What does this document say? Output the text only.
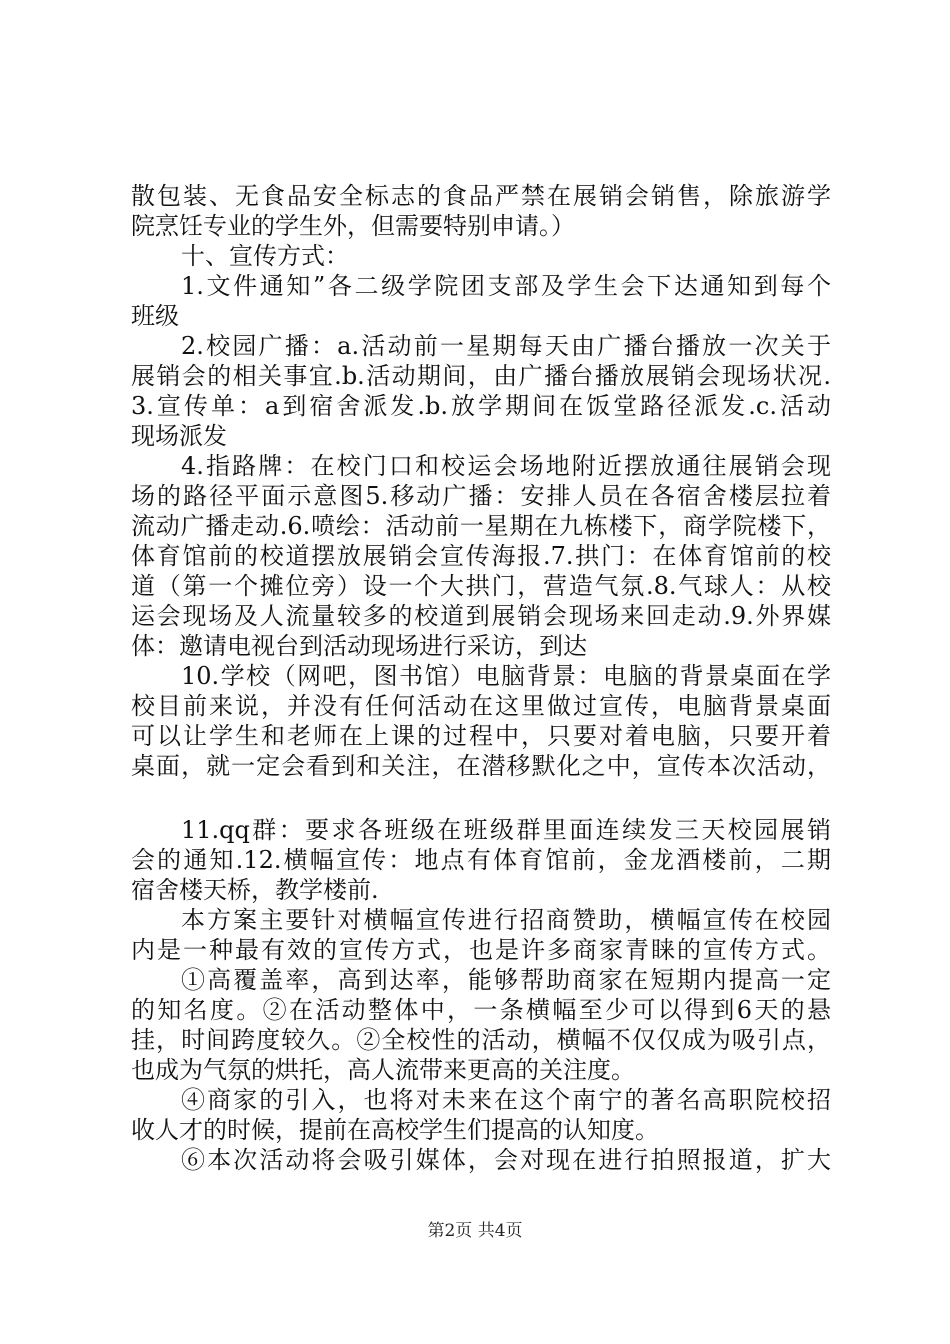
散包装、无食品安全标志的食品严禁在展销会销售，除旅游学
院烹饪专业的学生外，但需要特别申请。）
十、宣传方式：
1.文件通知”各二级学院团支部及学生会下达通知到每个
班级
2.校园广播：a.活动前一星期每天由广播台播放一次关于
展销会的相关事宜.b.活动期间，由广播台播放展销会现场状况.
3.宣传单：a到宿舍派发.b.放学期间在饭堂路径派发.c.活动
现场派发
4.指路牌：在校门口和校运会场地附近摆放通往展销会现
场的路径平面示意图5.移动广播：安排人员在各宿舍楼层拉着
流动广播走动.6.喷绘：活动前一星期在九栋楼下，商学院楼下，
体育馆前的校道摆放展销会宣传海报.7.拱门：在体育馆前的校
道（第一个摊位旁）设一个大拱门，营造气氛.8.气球人：从校
运会现场及人流量较多的校道到展销会现场来回走动.9.外界媒
体：邀请电视台到活动现场进行采访，到达
10.学校（网吧，图书馆）电脑背景：电脑的背景桌面在学
校目前来说，并没有任何活动在这里做过宣传，电脑背景桌面
可以让学生和老师在上课的过程中，只要对着电脑，只要开着
桌面，就一定会看到和关注，在潜移默化之中，宣传本次活动，
11.qq群：要求各班级在班级群里面连续发三天校园展销
会的通知.12.横幅宣传：地点有体育馆前，金龙酒楼前，二期
宿舍楼天桥，教学楼前.
本方案主要针对横幅宣传进行招商赞助，横幅宣传在校园
内是一种最有效的宣传方式，也是许多商家青睐的宣传方式。
①高覆盖率，高到达率，能够帮助商家在短期内提高一定
的知名度。②在活动整体中，一条横幅至少可以得到6天的悬
挂，时间跨度较久。②全校性的活动，横幅不仅仅成为吸引点，
也成为气氛的烘托，高人流带来更高的关注度。
④商家的引入，也将对未来在这个南宁的著名高职院校招
收人才的时候，提前在高校学生们提高的认知度。
⑥本次活动将会吸引媒体，会对现在进行拍照报道，扩大
第2页 共4页
